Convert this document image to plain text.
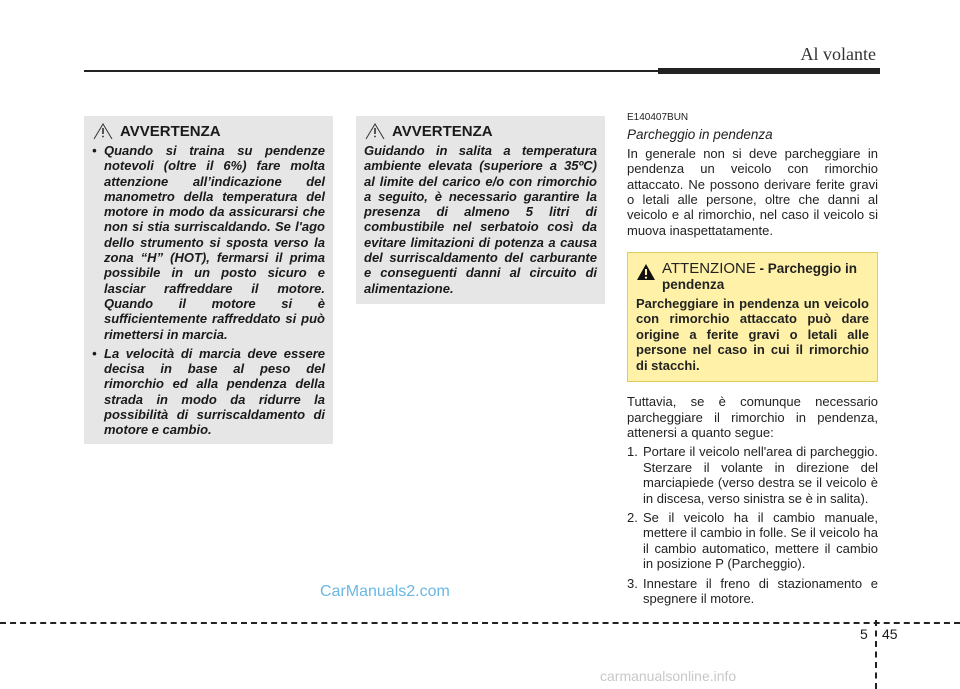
Al volante
AVVERTENZA
• Quando si traina su pendenze notevoli (oltre il 6%) fare molta attenzione all’indicazione del manometro della temperatura del motore in modo da assicurarsi che non si stia surriscaldando. Se l'ago dello strumento si sposta verso la zona “H” (HOT), fermarsi il prima possibile in un posto sicuro e lasciar raffreddare il motore. Quando il motore si è sufficientemente raffreddato si può rimettersi in marcia.
• La velocità di marcia deve essere decisa in base al peso del rimorchio ed alla pendenza della strada in modo da ridurre la possibilità di surriscaldamento di motore e cambio.
AVVERTENZA
Guidando in salita a temperatura ambiente elevata (superiore a 35ºC) al limite del carico e/o con rimorchio a seguito, è necessario garantire la presenza di almeno 5 litri di combustibile nel serbatoio così da evitare limitazioni di potenza a causa del surriscaldamento del carburante e conseguenti danni al circuito di alimentazione.
E140407BUN
Parcheggio in pendenza
In generale non si deve parcheggiare in pendenza un veicolo con rimorchio attaccato. Ne possono derivare ferite gravi o letali alle persone, oltre che danni al veicolo e al rimorchio, nel caso il veicolo si muova inaspettatamente.
ATTENZIONE - Parcheggio in pendenza
Parcheggiare in pendenza un veicolo con rimorchio attaccato può dare origine a ferite gravi o letali alle persone nel caso in cui il rimorchio di stacchi.
Tuttavia, se è comunque necessario parcheggiare il rimorchio in pendenza, attenersi a quanto segue:
1. Portare il veicolo nell'area di parcheggio. Sterzare il volante in direzione del marciapiede (verso destra se il veicolo è in discesa, verso sinistra se è in salita).
2. Se il veicolo ha il cambio manuale, mettere il cambio in folle. Se il veicolo ha il cambio automatico, mettere il cambio in posizione P (Parcheggio).
3. Innestare il freno di stazionamento e spegnere il motore.
CarManuals2.com
5 45
carmanualsonline.info
